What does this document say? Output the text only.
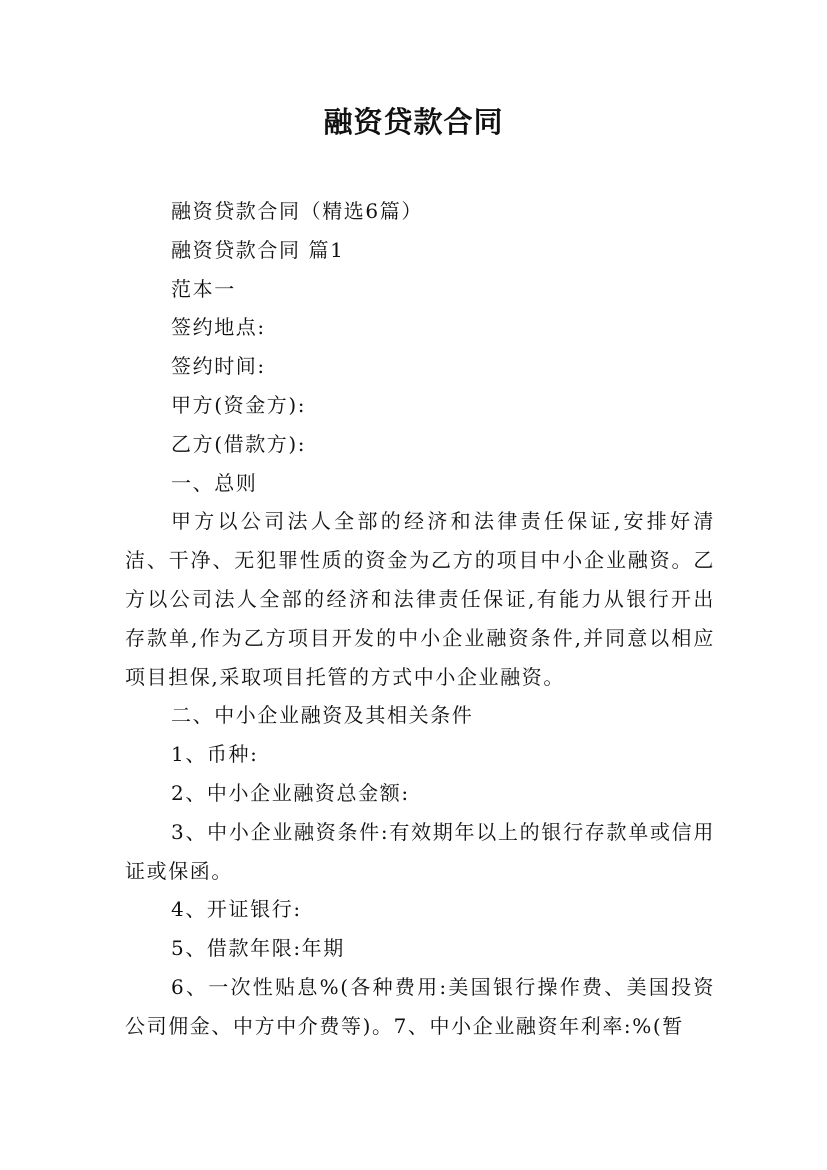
融资贷款合同
融资贷款合同（精选6篇）
融资贷款合同 篇1
范本一
签约地点:
签约时间:
甲方(资金方):
乙方(借款方):
一、总则
甲方以公司法人全部的经济和法律责任保证,安排好清洁、干净、无犯罪性质的资金为乙方的项目中小企业融资。乙方以公司法人全部的经济和法律责任保证,有能力从银行开出存款单,作为乙方项目开发的中小企业融资条件,并同意以相应项目担保,采取项目托管的方式中小企业融资。
二、中小企业融资及其相关条件
1、币种:
2、中小企业融资总金额:
3、中小企业融资条件:有效期年以上的银行存款单或信用证或保函。
4、开证银行:
5、借款年限:年期
6、一次性贴息%(各种费用:美国银行操作费、美国投资公司佣金、中方中介费等)。7、中小企业融资年利率:%(暂
